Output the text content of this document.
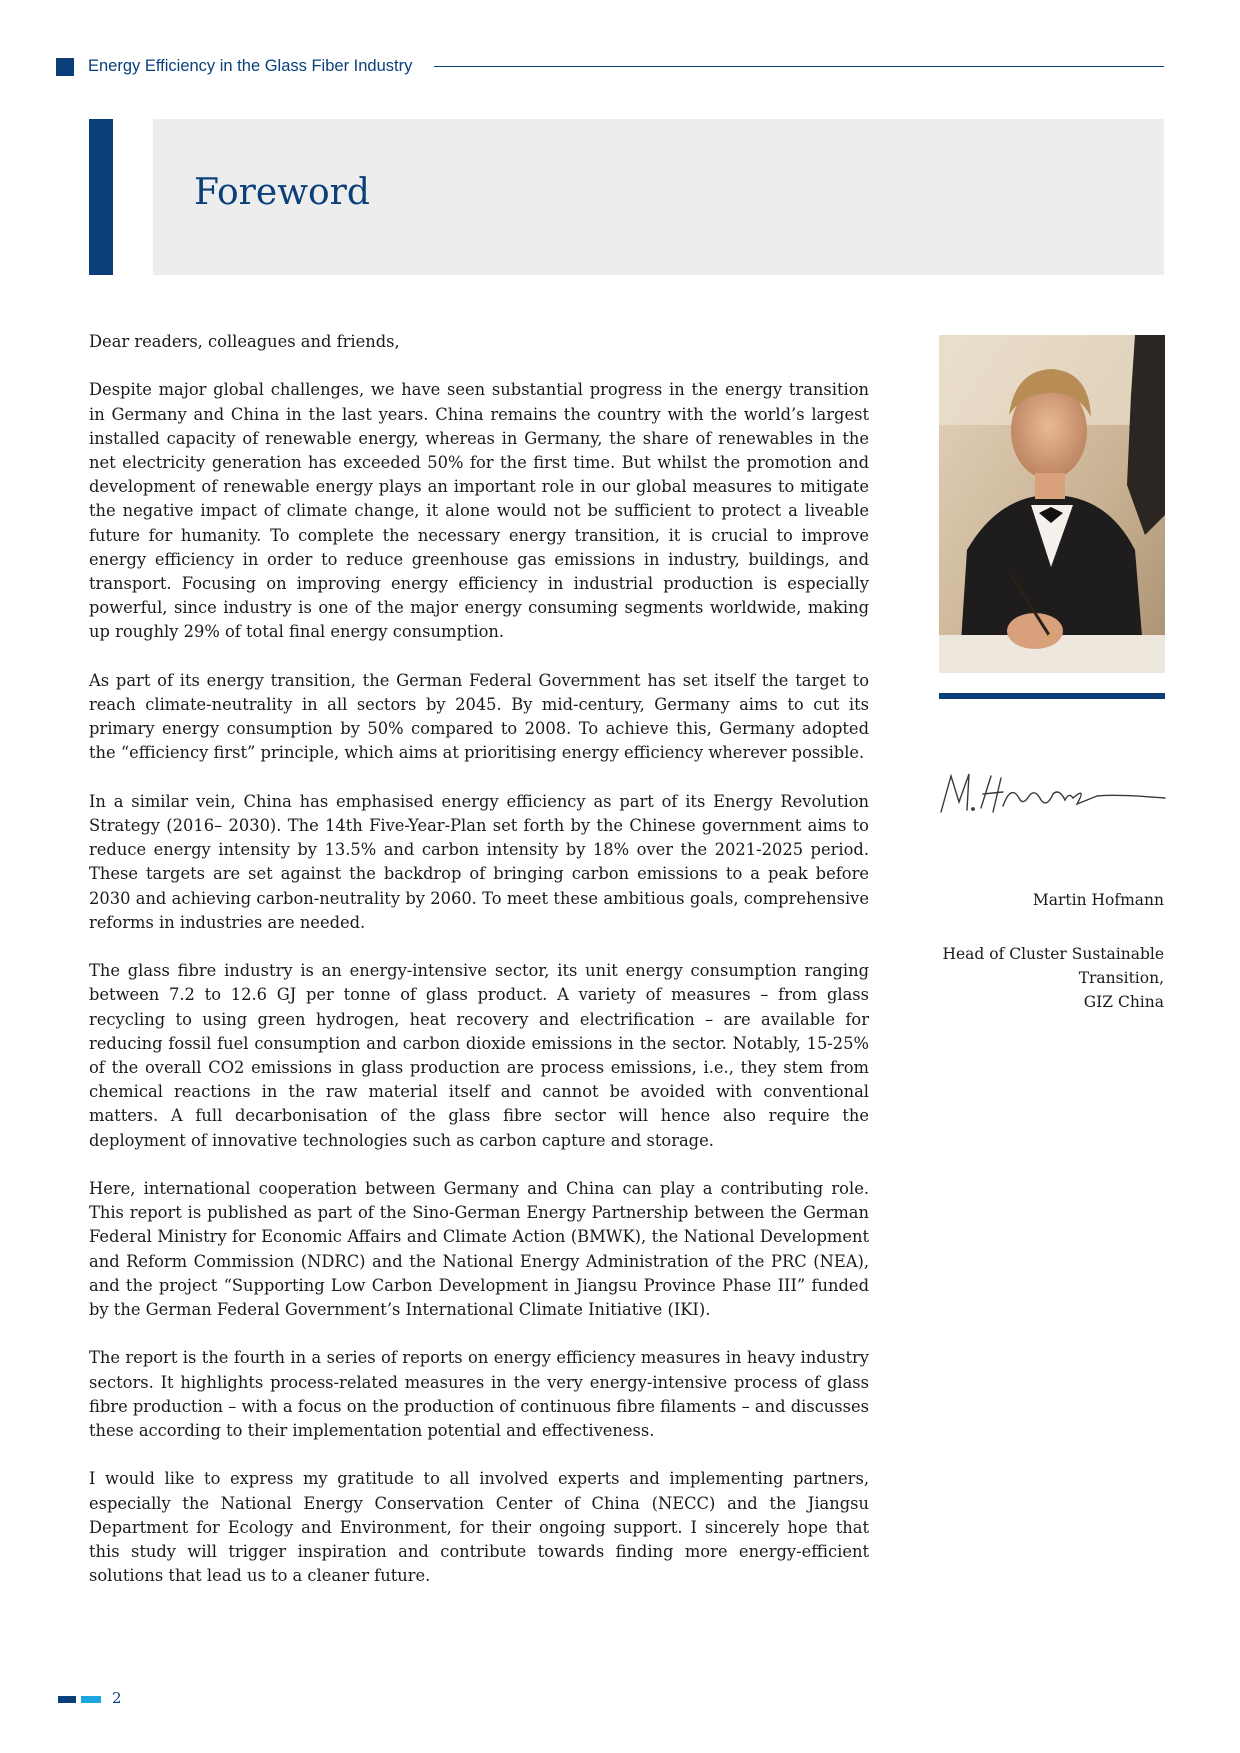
Energy Efficiency in the Glass Fiber Industry
Foreword

Dear readers, colleagues and friends,

Despite major global challenges, we have seen substantial progress in the energy transition in Germany and China in the last years. China remains the country with the world’s largest installed capacity of renewable energy, whereas in Germany, the share of renewables in the net electricity generation has exceeded 50% for the first time. But whilst the promotion and development of renewable energy plays an important role in our global measures to mitigate the negative impact of climate change, it alone would not be sufficient to protect a liveable future for humanity. To complete the necessary energy transition, it is crucial to improve energy efficiency in order to reduce greenhouse gas emissions in industry, buildings, and transport. Focusing on improving energy efficiency in industrial production is especially powerful, since industry is one of the major energy consuming segments worldwide, making up roughly 29% of total final energy consumption.

As part of its energy transition, the German Federal Government has set itself the target to reach climate-neutrality in all sectors by 2045. By mid-century, Germany aims to cut its primary energy consumption by 50% compared to 2008. To achieve this, Germany adopted the “efficiency first” principle, which aims at prioritising energy efficiency wherever possible.

In a similar vein, China has emphasised energy efficiency as part of its Energy Revolution Strategy (2016– 2030). The 14th Five-Year-Plan set forth by the Chinese government aims to reduce energy intensity by 13.5% and carbon intensity by 18% over the 2021-2025 period. These targets are set against the backdrop of bringing carbon emissions to a peak before 2030 and achieving carbon-neutrality by 2060. To meet these ambitious goals, comprehensive reforms in industries are needed.

The glass fibre industry is an energy-intensive sector, its unit energy consumption ranging between 7.2 to 12.6 GJ per tonne of glass product. A variety of measures – from glass recycling to using green hydrogen, heat recovery and electrification – are available for reducing fossil fuel consumption and carbon dioxide emissions in the sector. Notably, 15-25% of the overall CO2 emissions in glass production are process emissions, i.e., they stem from chemical reactions in the raw material itself and cannot be avoided with conventional matters. A full decarbonisation of the glass fibre sector will hence also require the deployment of innovative technologies such as carbon capture and storage.

Here, international cooperation between Germany and China can play a contributing role. This report is published as part of the Sino-German Energy Partnership between the German Federal Ministry for Economic Affairs and Climate Action (BMWK), the National Development and Reform Commission (NDRC) and the National Energy Administration of the PRC (NEA), and the project “Supporting Low Carbon Development in Jiangsu Province Phase III” funded by the German Federal Government’s International Climate Initiative (IKI).

The report is the fourth in a series of reports on energy efficiency measures in heavy industry sectors. It highlights process-related measures in the very energy-intensive process of glass fibre production – with a focus on the production of continuous fibre filaments – and discusses these according to their implementation potential and effectiveness.

I would like to express my gratitude to all involved experts and implementing partners, especially the National Energy Conservation Center of China (NECC) and the Jiangsu Department for Ecology and Environment, for their ongoing support. I sincerely hope that this study will trigger inspiration and contribute towards finding more energy-efficient solutions that lead us to a cleaner future.

Martin Hofmann
Head of Cluster Sustainable
Transition,
GIZ China
2
